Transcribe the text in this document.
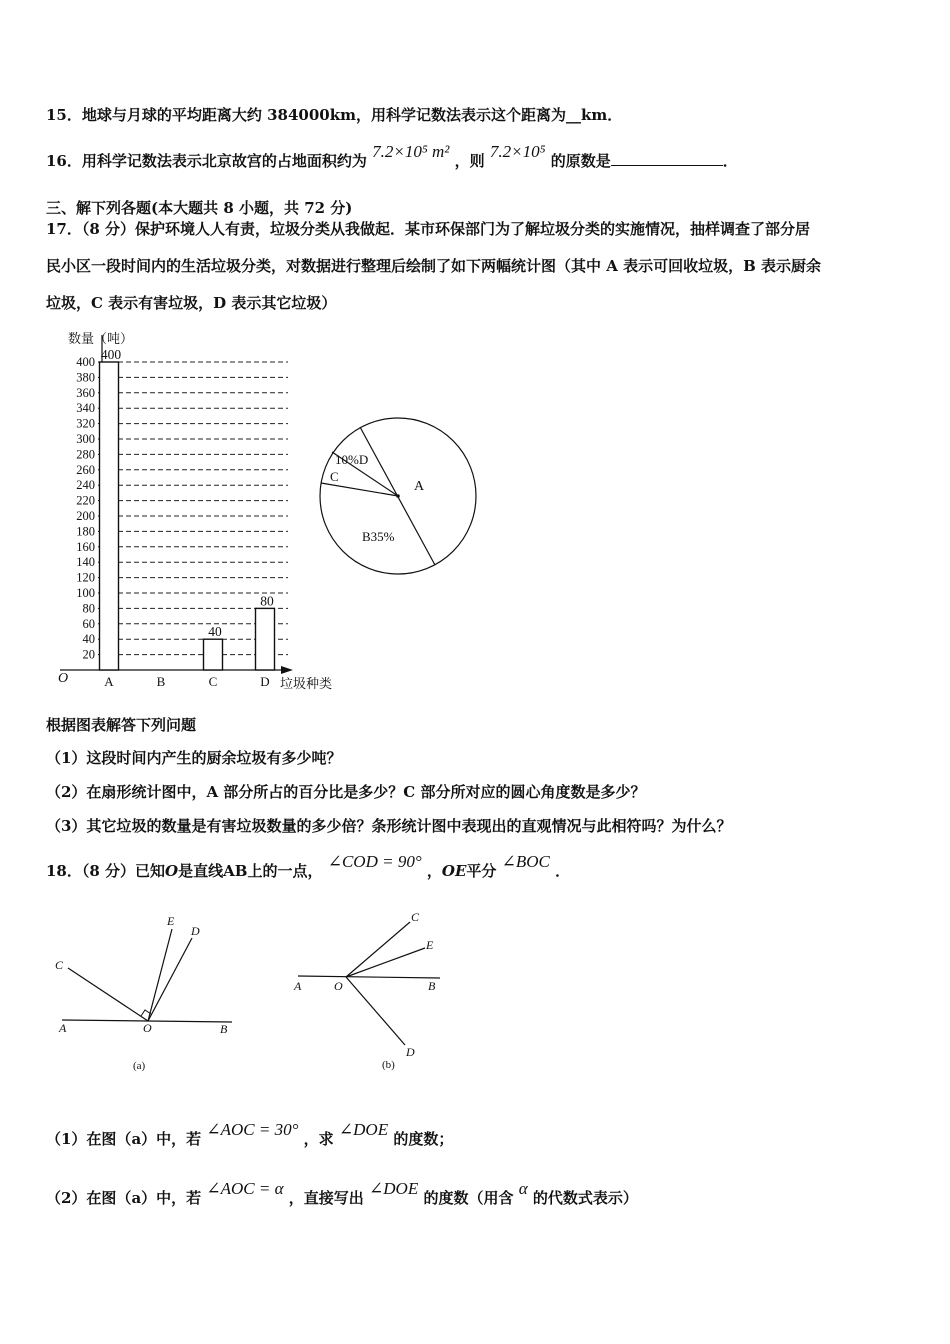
15．地球与月球的平均距离大约 384000km，用科学记数法表示这个距离为__km．
16．用科学记数法表示北京故宫的占地面积约为 7.2×10⁵ m² ，则 7.2×10⁵ 的原数是	．
三、解下列各题(本大题共 8 小题，共 72 分)
17．（8 分）保护环境人人有责，垃圾分类从我做起．某市环保部门为了解垃圾分类的实施情况，抽样调查了部分居
民小区一段时间内的生活垃圾分类，对数据进行整理后绘制了如下两幅统计图（其中 A 表示可回收垃圾，B 表示厨余
垃圾，C 表示有害垃圾，D 表示其它垃圾）
数量（吨）
垃圾种类
O
20
40
60
80
100
120
140
160
180
200
220
240
260
280
300
320
340
360
380
400
A	B	C	D
400
40
80
A
B35%
C
10%D
根据图表解答下列问题
（1）这段时间内产生的厨余垃圾有多少吨？
（2）在扇形统计图中，A 部分所占的百分比是多少？C 部分所对应的圆心角度数是多少？
（3）其它垃圾的数量是有害垃圾数量的多少倍？条形统计图中表现出的直观情况与此相符吗？为什么？
18．（8 分）已知O是直线AB上的一点， ∠COD = 90° ，OE平分 ∠BOC ．
A	B
C
E
D
O
(a)
A	B
C
E
D
O
(b)
（1）在图（a）中，若 ∠AOC = 30° ，求 ∠DOE 的度数；
（2）在图（a）中，若 ∠AOC = α ，直接写出 ∠DOE 的度数（用含 α 的代数式表示）
